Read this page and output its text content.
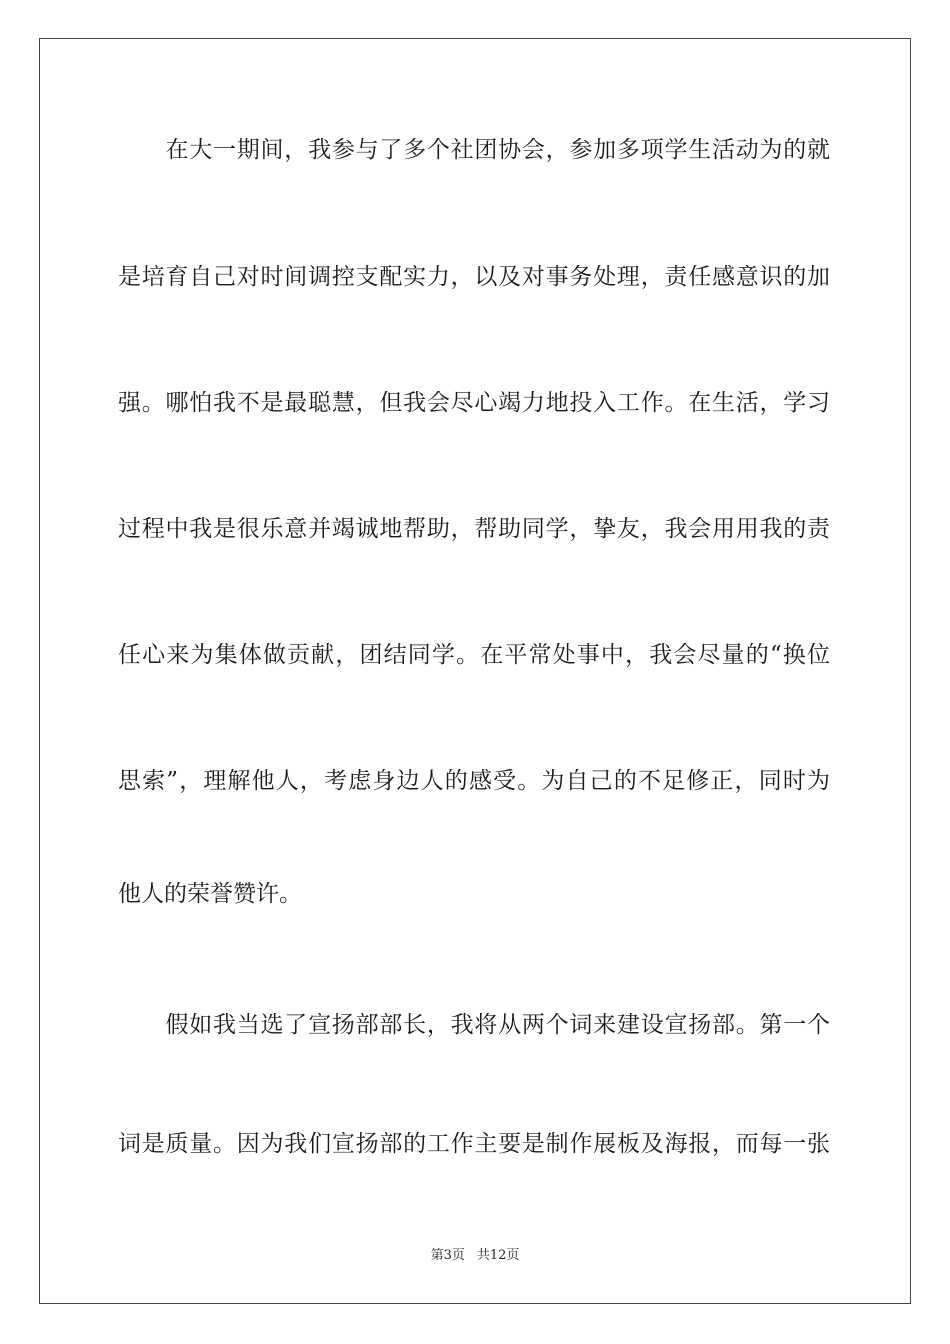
　　在大一期间，我参与了多个社团协会，参加多项学生活动为的就

是培育自己对时间调控支配实力，以及对事务处理，责任感意识的加

强。哪怕我不是最聪慧，但我会尽心竭力地投入工作。在生活，学习

过程中我是很乐意并竭诚地帮助，帮助同学，挚友，我会用用我的责

任心来为集体做贡献，团结同学。在平常处事中，我会尽量的“换位

思索”，理解他人，考虑身边人的感受。为自己的不足修正，同时为

他人的荣誉赞许。

　　假如我当选了宣扬部部长，我将从两个词来建设宣扬部。第一个

词是质量。因为我们宣扬部的工作主要是制作展板及海报，而每一张

第3页 共12页
